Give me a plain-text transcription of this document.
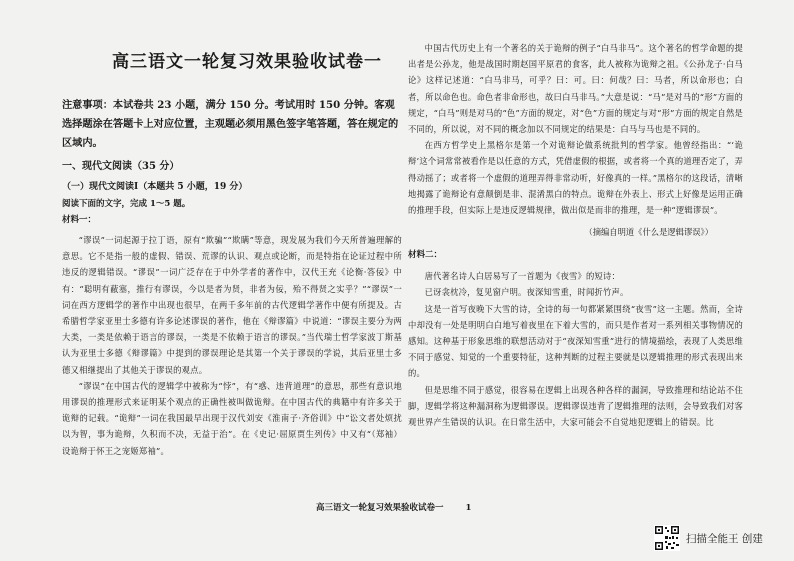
高三语文一轮复习效果验收试卷一
注意事项：本试卷共 23 小题，满分 150 分。考试用时 150 分钟。客观选择题涂在答题卡上对应位置，主观题必须用黑色签字笔答题，答在规定的区域内。
一、现代文阅读（35 分）
（一）现代文阅读Ⅰ（本题共 5 小题，19 分）
阅读下面的文字，完成 1～5 题。
材料一：

“谬误”一词起源于拉丁语，原有“欺骗”“欺瞒”等意，现发展为我们今天所普遍理解的意思。它不是指一般的虚假、错误、荒谬的认识、观点或论断，而是特指在论证过程中所违反的逻辑错误。“谬误”一词广泛存在于中外学者的著作中，汉代王充《论衡·答佞》中有：“聪明有蔽塞，推行有谬误，今以是者为贤，非者为佞，殆不得贤之实乎？”“谬误”一词在西方逻辑学的著作中出现也很早，在两千多年前的古代逻辑学著作中便有所提及。古希腊哲学家亚里士多德有许多论述谬误的著作，他在《辩谬篇》中说道：“谬误主要分为两大类，一类是依赖于语言的谬误，一类是不依赖于语言的谬误。”当代瑞士哲学家波丁斯基认为亚里士多德《辩谬篇》中提到的谬误理论是其第一个关于谬误的学说，其后亚里士多德又相继提出了其他关于谬误的观点。

“谬误”在中国古代的逻辑学中被称为“悖”，有“惑、违背道理”的意思，那些有意识地用谬误的推理形式来证明某个观点的正确性被叫做诡辩。在中国古代的典籍中有许多关于诡辩的记载。“诡辩”一词在我国最早出现于汉代刘安《淮南子·齐俗训》中“讼文者处烦扰以为智，事为诡辩，久积而不决，无益于治”。在《史记·屈原贾生列传》中又有“（郑袖）设诡辩于怀王之宠姬郑袖”。

中国古代历史上有一个著名的关于诡辩的例子“白马非马”。这个著名的哲学命题的提出者是公孙龙，他是战国时期赵国平原君的食客，此人被称为诡辩之祖。《公孙龙子·白马论》这样记述道：“白马非马，可乎？曰：可。曰：何哉？曰：马者，所以命形也；白者，所以命色也。命色者非命形也，故曰白马非马。”大意是说：“马”是对马的“形”方面的规定，“白马”则是对马的“色”方面的规定，对“色”方面的规定与对“形”方面的规定自然是不同的，所以说，对不同的概念加以不同规定的结果是：白马与马也是不同的。

在西方哲学史上黑格尔是第一个对诡辩论做系统批判的哲学家。他曾经指出：“‘诡辩’这个词常常被看作是以任意的方式，凭借虚假的根据，或者将一个真的道理否定了，弄得动摇了；或者将一个虚假的道理弄得非常动听，好像真的一样。”黑格尔的这段话，清晰地揭露了诡辩论有意颠倒是非、混淆黑白的特点。诡辩在外表上、形式上好像是运用正确的推理手段，但实际上是违反逻辑规律，做出似是而非的推理，是一种“逻辑谬误”。

（摘编自明道《什么是逻辑谬误》）
材料二：

唐代著名诗人白居易写了一首题为《夜雪》的短诗：

已讶衾枕冷，复见窗户明。夜深知雪重，时闻折竹声。

这是一首写夜晚下大雪的诗，全诗的每一句都紧紧围绕“夜雪”这一主题。然而，全诗中却没有一处是明明白白地写着夜里在下着大雪的，而只是作者对一系列相关事物情况的感知。这种基于形象思维的联想活动对于“夜深知雪重”进行的情境描绘，表现了人类思维不同于感觉、知觉的一个重要特征，这种判断的过程主要就是以逻辑推理的形式表现出来的。

但是思维不同于感觉，很容易在逻辑上出现各种各样的漏洞，导致推理和结论站不住脚，逻辑学将这种漏洞称为逻辑谬误。逻辑谬误违背了逻辑推理的法则，会导致我们对客观世界产生错误的认识。在日常生活中，大家可能会不自觉地犯逻辑上的错误。比

高三语文一轮复习效果验收试卷一	1
扫描全能王 创建
